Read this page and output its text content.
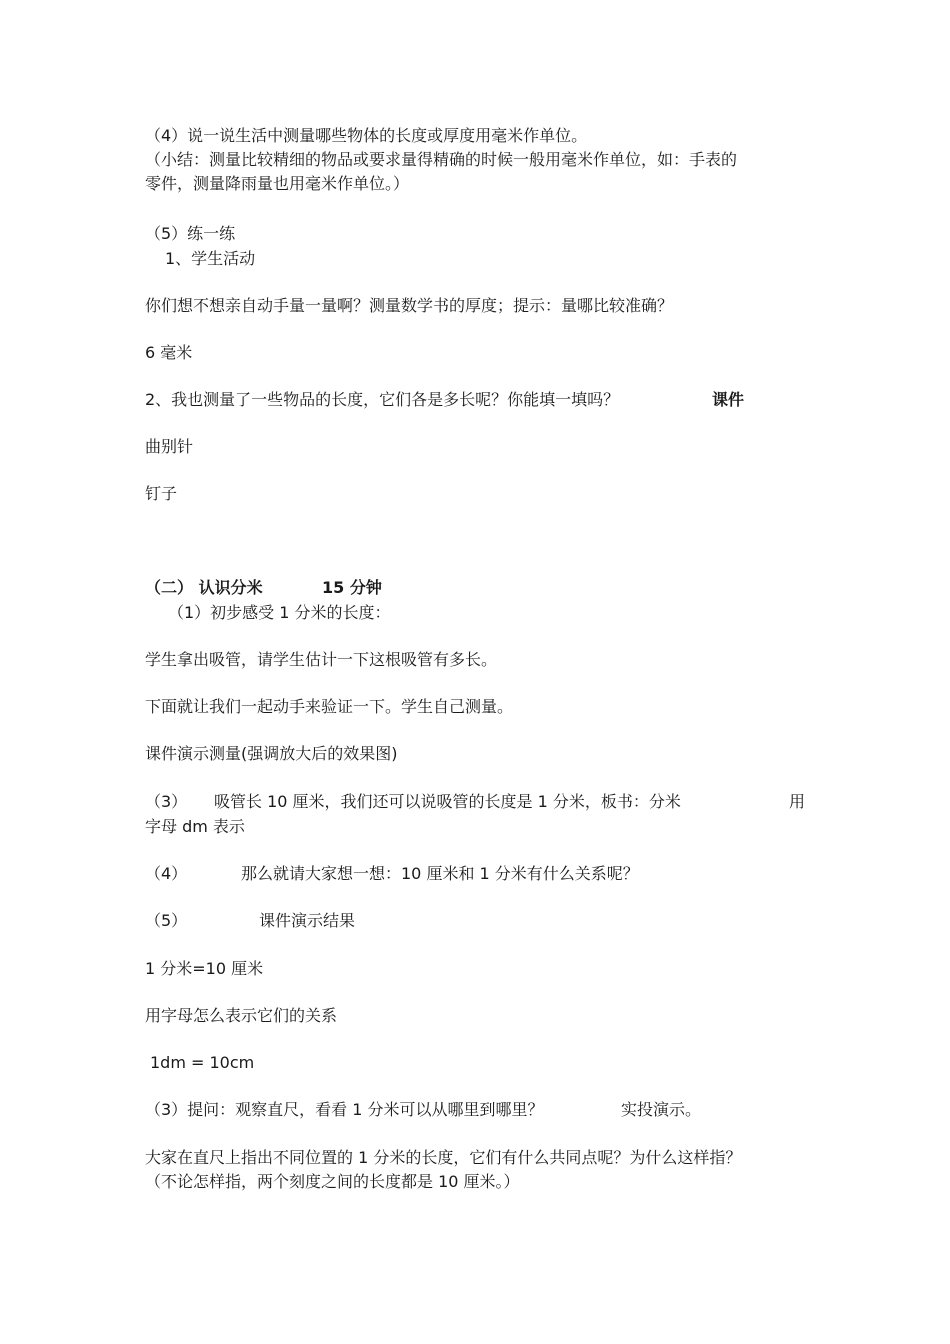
（4）说一说生活中测量哪些物体的长度或厚度用毫米作单位。
（小结：测量比较精细的物品或要求量得精确的时候一般用毫米作单位，如：手表的
零件，测量降雨量也用毫米作单位。）
（5）练一练
1、学生活动
你们想不想亲自动手量一量啊？测量数学书的厚度；提示：量哪比较准确？
6 毫米
2、我也测量了一些物品的长度，它们各是多长呢？你能填一填吗？	课件
曲别针
钉子
（二） 认识分米	15 分钟
（1）初步感受 1 分米的长度：
学生拿出吸管，请学生估计一下这根吸管有多长。
下面就让我们一起动手来验证一下。学生自己测量。
课件演示测量(强调放大后的效果图)
（3） 吸管长 10 厘米，我们还可以说吸管的长度是 1 分米，板书：分米	用
字母 dm 表示
（4）	那么就请大家想一想：10 厘米和 1 分米有什么关系呢？
（5）	课件演示结果
1 分米=10 厘米
用字母怎么表示它们的关系
1dm = 10cm
（3）提问：观察直尺，看看 1 分米可以从哪里到哪里？	实投演示。
大家在直尺上指出不同位置的 1 分米的长度，它们有什么共同点呢？为什么这样指？
（不论怎样指，两个刻度之间的长度都是 10 厘米。）
